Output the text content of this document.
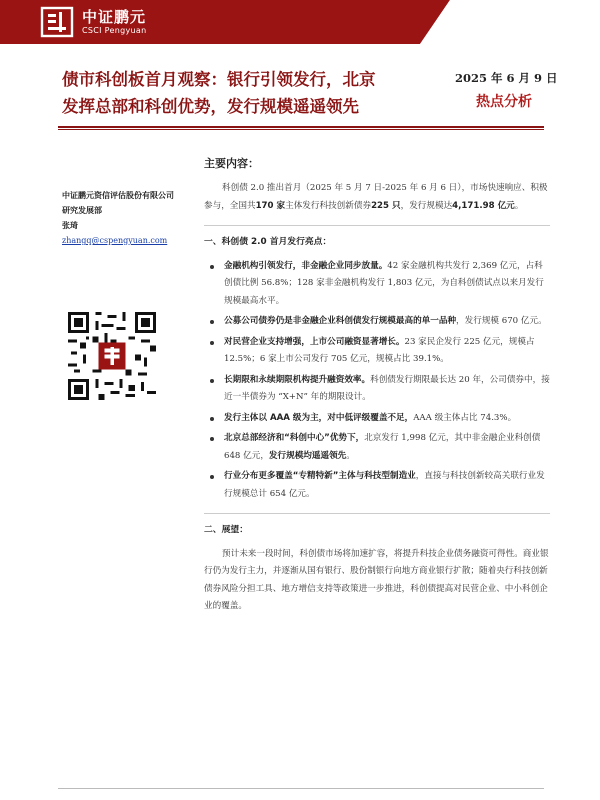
中证鹏元
CSCI Pengyuan
债市科创板首月观察：银行引领发行，北京
发挥总部和科创优势，发行规模遥遥领先
2025 年 6 月 9 日
热点分析
中证鹏元资信评估股份有限公司
研究发展部
张琦
zhangq@cspengyuan.com
主要内容：

科创债 2.0 推出首月（2025 年 5 月 7 日-2025 年 6 月 6 日），市场快速响应、积极参与，全国共170 家主体发行科技创新债券225 只，发行规模达4,171.98 亿元。

一、科创债 2.0 首月发行亮点：
金融机构引领发行，非金融企业同步放量。42 家金融机构共发行 2,369 亿元，占科创债比例 56.8%；128 家非金融机构发行 1,803 亿元，为自科创债试点以来月发行规模最高水平。
公募公司债券仍是非金融企业科创债发行规模最高的单一品种，发行规模 670 亿元。
对民营企业支持增强，上市公司融资显著增长。23 家民企发行 225 亿元，规模占 12.5%；6 家上市公司发行 705 亿元，规模占比 39.1%。
长期限和永续期限机构提升融资效率。科创债发行期限最长达 20 年，公司债券中，接近一半债券为 “X+N” 年的期限设计。
发行主体以 AAA 级为主，对中低评级覆盖不足，AAA 级主体占比 74.3%。
北京总部经济和“科创中心”优势下，北京发行 1,998 亿元，其中非金融企业科创债 648 亿元，发行规模均遥遥领先。
行业分布更多覆盖“专精特新”主体与科技型制造业，直接与科技创新较高关联行业发行规模总计 654 亿元。
二、展望：

预计未来一段时间，科创债市场将加速扩容，将提升科技企业债务融资可得性。商业银行仍为发行主力，并逐渐从国有银行、股份制银行向地方商业银行扩散；随着央行科技创新债券风险分担工具、地方增信支持等政策进一步推进，科创债提高对民营企业、中小科创企业的覆盖。
